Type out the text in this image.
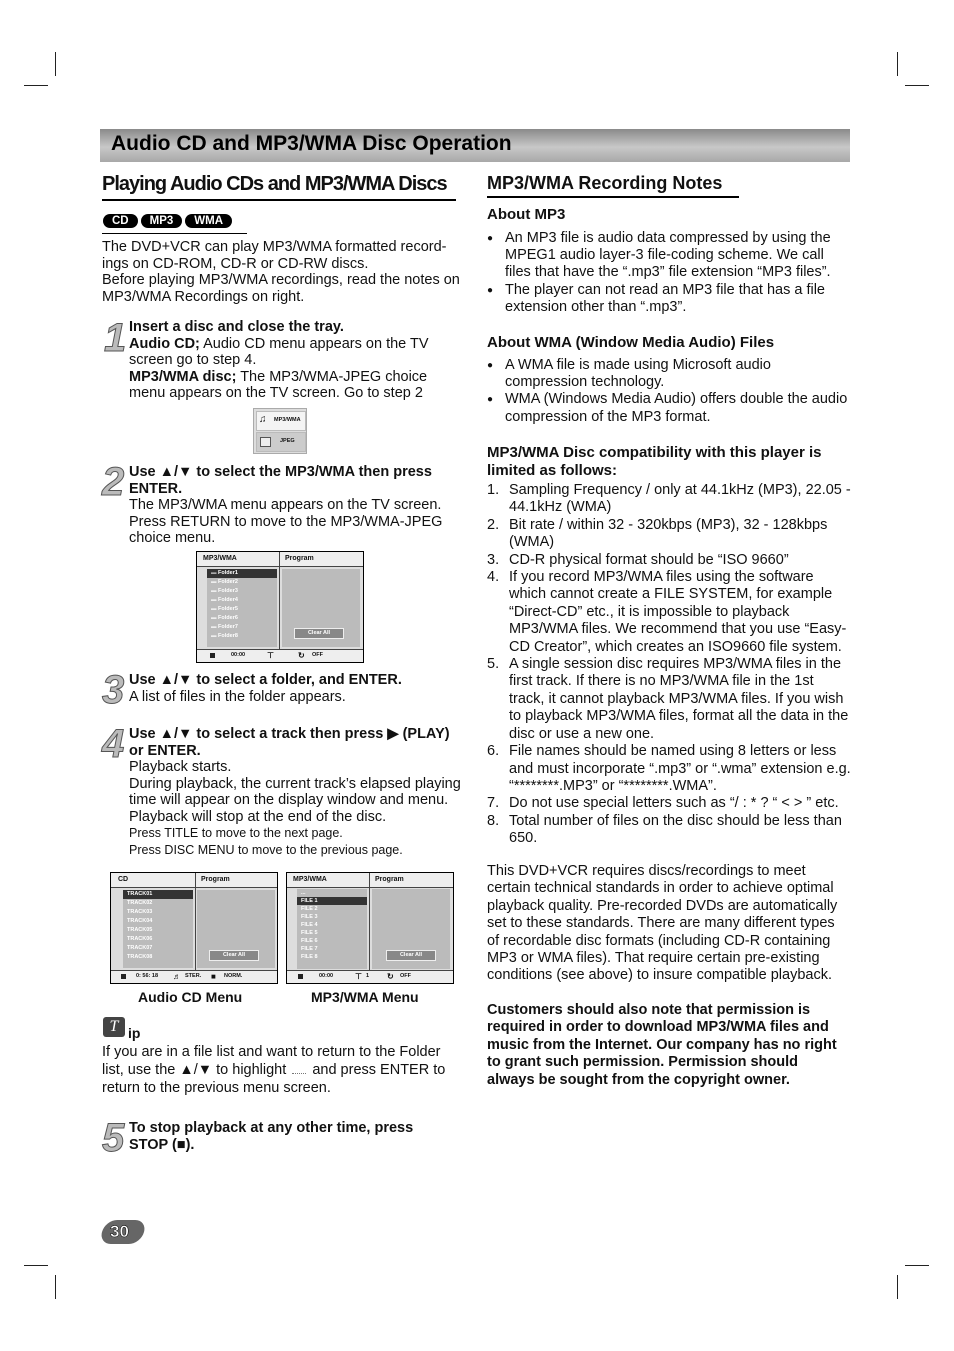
Audio CD and MP3/WMA Disc Operation
Playing Audio CDs and MP3/WMA Discs
CD MP3 WMA

The DVD+VCR can play MP3/WMA formatted record-ings on CD-ROM, CD-R or CD-RW discs.

Before playing MP3/WMA recordings, read the notes on MP3/WMA Recordings on right.

1 Insert a disc and close the tray.
Audio CD; Audio CD menu appears on the TV screen go to step 4.
MP3/WMA disc; The MP3/WMA-JPEG choice menu appears on the TV screen. Go to step 2
♫ MP3/WMA
JPEG
2 Use ▲/▼ to select the MP3/WMA then press ENTER.
The MP3/WMA menu appears on the TV screen. Press RETURN to move to the MP3/WMA-JPEG choice menu.
MP3/WMA	Program
▬ Folder1
▬ Folder2
▬ Folder3
▬ Folder4
▬ Folder5
▬ Folder6
▬ Folder7
▬ Folder8	Clear All
00:00	⊤	↻ OFF
3 Use ▲/▼ to select a folder, and ENTER.
A list of files in the folder appears.
4 Use ▲/▼ to select a track then press ▶ (PLAY) or ENTER.
Playback starts.
During playback, the current track’s elapsed playing time will appear on the display window and menu. Playback will stop at the end of the disc.
Press TITLE to move to the next page.
Press DISC MENU to move to the previous page.
CD	Program
TRACK01
TRACK02
TRACK03
TRACK04
TRACK05
TRACK06
TRACK07
TRACK08	Clear All
0: 56: 18 ♬ STER. ■ NORM.
MP3/WMA	Program
...
FILE 1
FILE 2
FILE 3
FILE 4
FILE 5
FILE 6
FILE 7
FILE 8	Clear All
00:00	⊤ 1 ↻ OFF
Audio CD Menu	MP3/WMA Menu
T ip
If you are in a file list and want to return to the Folder list, use the ▲/▼ to highlight  and press ENTER to return to the previous menu screen.
5 To stop playback at any other time, press STOP (■).
30
MP3/WMA Recording Notes
About MP3
● An MP3 file is audio data compressed by using the MPEG1 audio layer-3 file-coding scheme. We call files that have the “.mp3” file extension “MP3 files”.
● The player can not read an MP3 file that has a file extension other than “.mp3”.
About WMA (Window Media Audio) Files
● A WMA file is made using Microsoft audio compression technology.
● WMA (Windows Media Audio) offers double the audio compression of the MP3 format.
MP3/WMA Disc compatibility with this player is limited as follows:
1. Sampling Frequency / only at 44.1kHz (MP3), 22.05 - 44.1kHz (WMA)
2. Bit rate / within 32 - 320kbps (MP3), 32 - 128kbps (WMA)
3. CD-R physical format should be “ISO 9660”
4. If you record MP3/WMA files using the software which cannot create a FILE SYSTEM, for example “Direct-CD” etc., it is impossible to playback MP3/WMA files. We recommend that you use “Easy-CD Creator”, which creates an ISO9660 file system.
5. A single session disc requires MP3/WMA files in the first track. If there is no MP3/WMA file in the 1st track, it cannot playback MP3/WMA files. If you wish to playback MP3/WMA files, format all the data in the disc or use a new one.
6. File names should be named using 8 letters or less and must incorporate “.mp3” or “.wma” extension e.g. “********.MP3” or “********.WMA”.
7. Do not use special letters such as “/ : * ? “ < > ” etc.
8. Total number of files on the disc should be less than 650.

This DVD+VCR requires discs/recordings to meet certain technical standards in order to achieve optimal playback quality. Pre-recorded DVDs are automatically set to these standards. There are many different types of recordable disc formats (including CD-R containing MP3 or WMA files). That require certain pre-existing conditions (see above) to insure compatible playback.

Customers should also note that permission is required in order to download MP3/WMA files and music from the Internet. Our company has no right to grant such permission. Permission should always be sought from the copyright owner.
